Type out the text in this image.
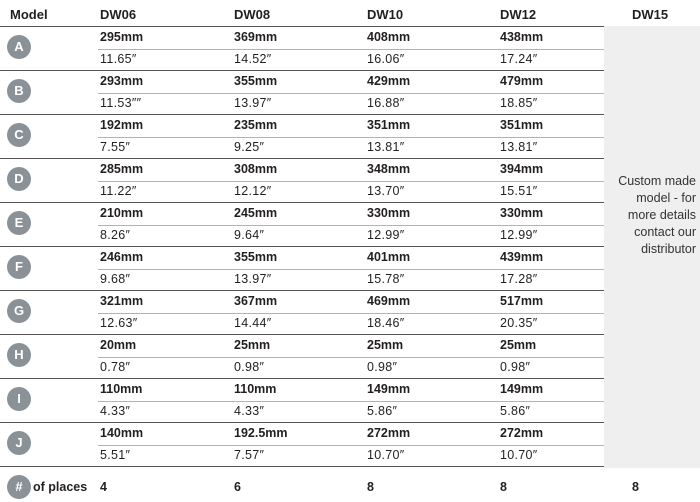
Model	DW06	DW08	DW10	DW12	DW15
Custom made
model - for
more details
contact our
distributor
A
295mm	369mm	408mm	438mm
11.65″	14.52″	16.06″	17.24″
B
293mm	355mm	429mm	479mm
11.53″″	13.97″	16.88″	18.85″
C
192mm	235mm	351mm	351mm
7.55″	9.25″	13.81″	13.81″
D
285mm	308mm	348mm	394mm
11.22″	12.12″	13.70″	15.51″
E
210mm	245mm	330mm	330mm
8.26″	9.64″	12.99″	12.99″
F
246mm	355mm	401mm	439mm
9.68″	13.97″	15.78″	17.28″
G
321mm	367mm	469mm	517mm
12.63″	14.44″	18.46″	20.35″
H
20mm	25mm	25mm	25mm
0.78″	0.98″	0.98″	0.98″
I
110mm	110mm	149mm	149mm
4.33″	4.33″	5.86″	5.86″
J
140mm	192.5mm	272mm	272mm
5.51″	7.57″	10.70″	10.70″
# of places 4	6	8	8	8
